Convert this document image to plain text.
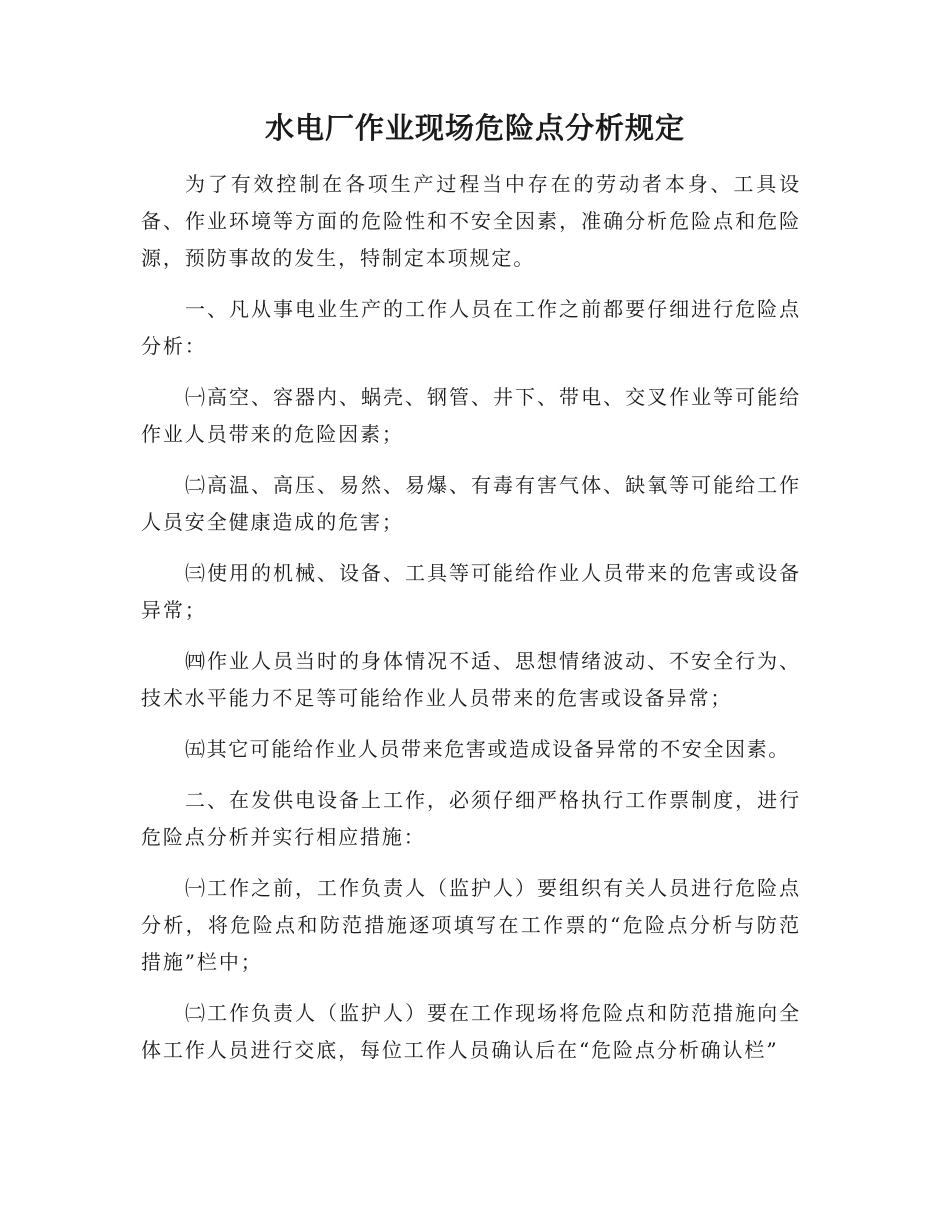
水电厂作业现场危险点分析规定

为了有效控制在各项生产过程当中存在的劳动者本身、工具设备、作业环境等方面的危险性和不安全因素，准确分析危险点和危险源，预防事故的发生，特制定本项规定。

一、凡从事电业生产的工作人员在工作之前都要仔细进行危险点分析：

㈠高空、容器内、蜗壳、钢管、井下、带电、交叉作业等可能给作业人员带来的危险因素；

㈡高温、高压、易然、易爆、有毒有害气体、缺氧等可能给工作人员安全健康造成的危害；

㈢使用的机械、设备、工具等可能给作业人员带来的危害或设备异常；

㈣作业人员当时的身体情况不适、思想情绪波动、不安全行为、技术水平能力不足等可能给作业人员带来的危害或设备异常；

㈤其它可能给作业人员带来危害或造成设备异常的不安全因素。

二、在发供电设备上工作，必须仔细严格执行工作票制度，进行危险点分析并实行相应措施：

㈠工作之前，工作负责人（监护人）要组织有关人员进行危险点分析，将危险点和防范措施逐项填写在工作票的“危险点分析与防范措施”栏中；

㈡工作负责人（监护人）要在工作现场将危险点和防范措施向全体工作人员进行交底，每位工作人员确认后在“危险点分析确认栏”
